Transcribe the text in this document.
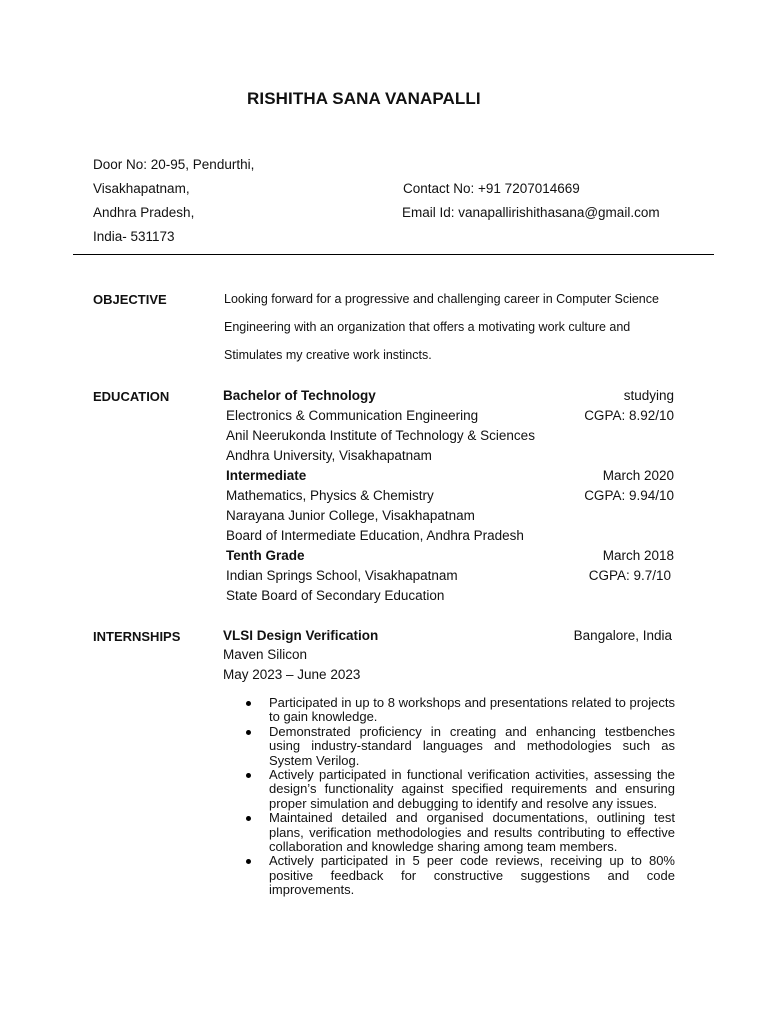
RISHITHA SANA VANAPALLI
Door No: 20-95, Pendurthi,
Visakhapatnam,
Andhra Pradesh,
India- 531173
Contact No: +91 7207014669
Email Id: vanapallirishithasana@gmail.com
OBJECTIVE	Looking forward for a progressive and challenging career in Computer Science
Engineering with an organization that offers a motivating work culture and
Stimulates my creative work instincts.
EDUCATION	Bachelor of Technology	studying
Electronics & Communication Engineering	CGPA: 8.92/10
Anil Neerukonda Institute of Technology & Sciences
Andhra University, Visakhapatnam
Intermediate	March 2020
Mathematics, Physics & Chemistry	CGPA: 9.94/10
Narayana Junior College, Visakhapatnam
Board of Intermediate Education, Andhra Pradesh
Tenth Grade	March 2018
Indian Springs School, Visakhapatnam	CGPA: 9.7/10
State Board of Secondary Education
INTERNSHIPS	VLSI Design Verification	Bangalore, India
Maven Silicon
May 2023 – June 2023
Participated in up to 8 workshops and presentations related to projects to gain knowledge.
Demonstrated proficiency in creating and enhancing testbenches using industry-standard languages and methodologies such as System Verilog.
Actively participated in functional verification activities, assessing the design’s functionality against specified requirements and ensuring proper simulation and debugging to identify and resolve any issues.
Maintained detailed and organised documentations, outlining test plans, verification methodologies and results contributing to effective collaboration and knowledge sharing among team members.
Actively participated in 5 peer code reviews, receiving up to 80% positive feedback for constructive suggestions and code improvements.
